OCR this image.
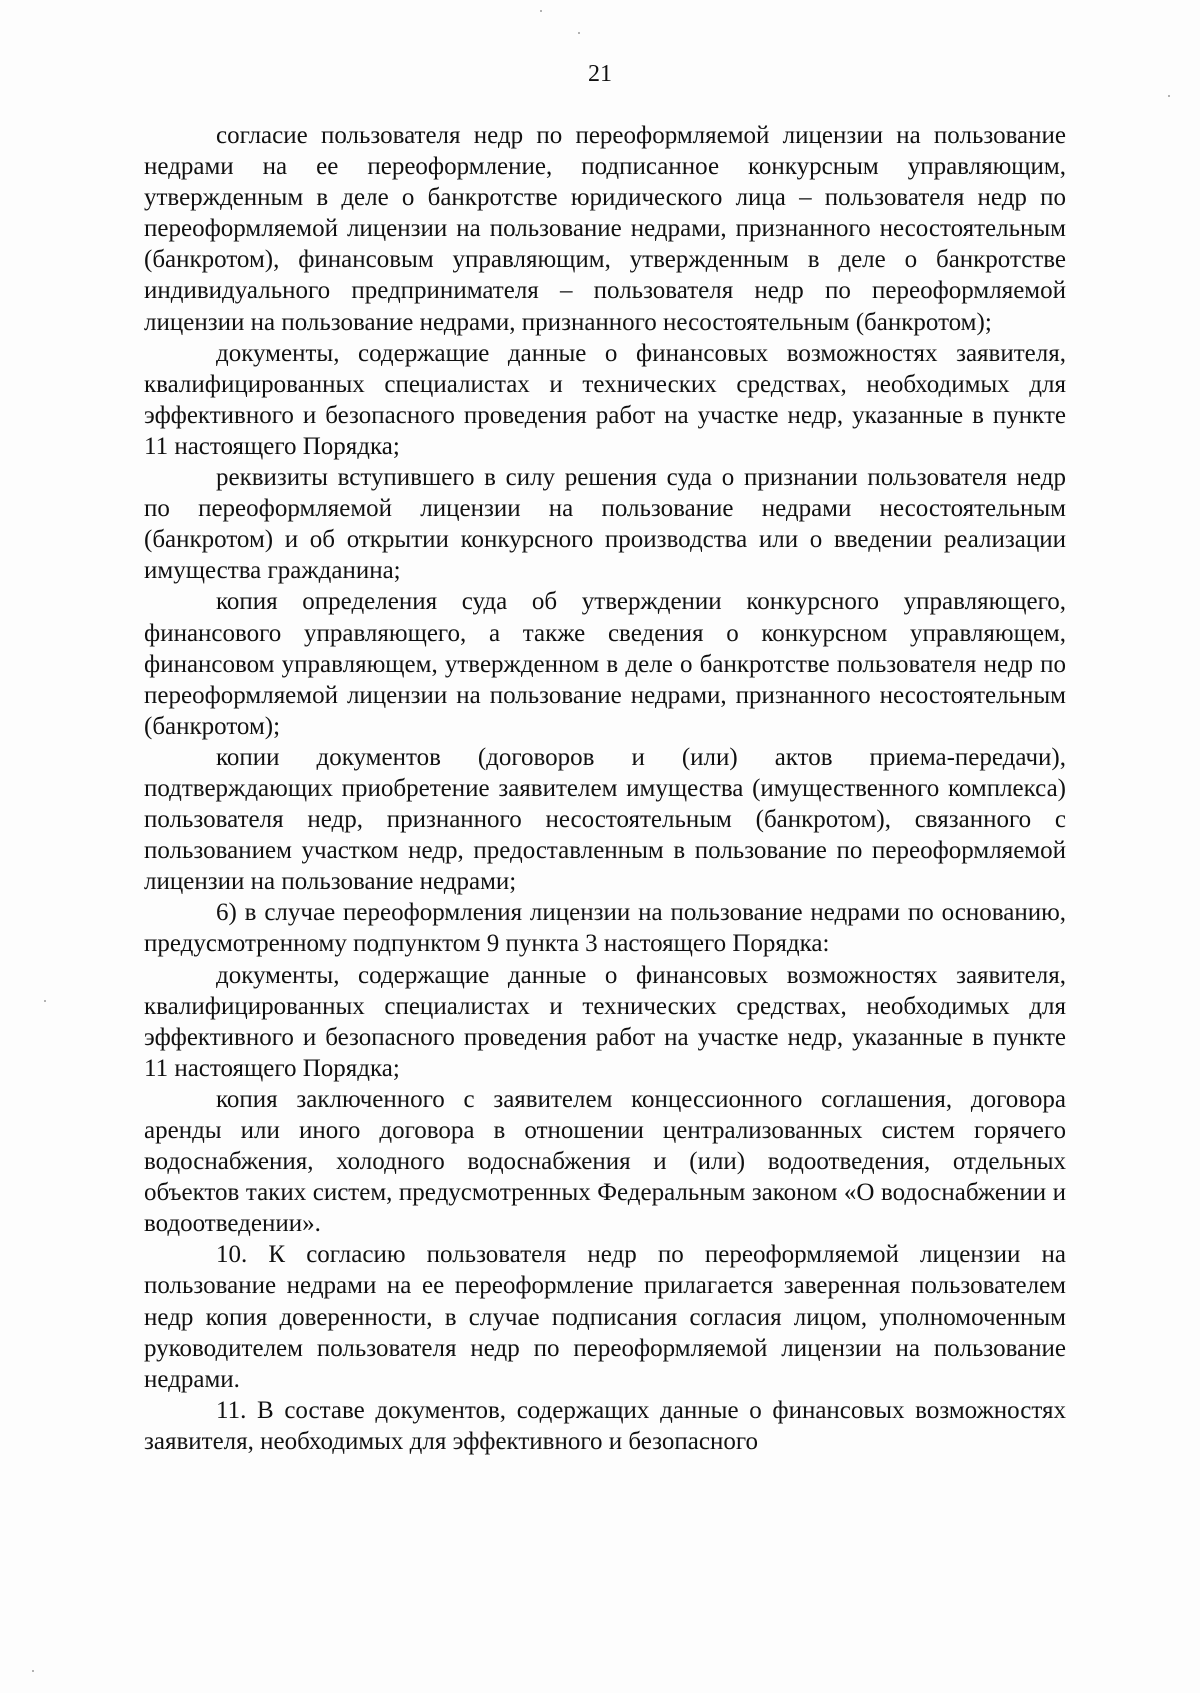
21

согласие пользователя недр по переоформляемой лицензии на пользование недрами на ее переоформление, подписанное конкурсным управляющим, утвержденным в деле о банкротстве юридического лица – пользователя недр по переоформляемой лицензии на пользование недрами, признанного несостоятельным (банкротом), финансовым управляющим, утвержденным в деле о банкротстве индивидуального предпринимателя – пользователя недр по переоформляемой лицензии на пользование недрами, признанного несостоятельным (банкротом);

документы, содержащие данные о финансовых возможностях заявителя, квалифицированных специалистах и технических средствах, необходимых для эффективного и безопасного проведения работ на участке недр, указанные в пункте 11 настоящего Порядка;

реквизиты вступившего в силу решения суда о признании пользователя недр по переоформляемой лицензии на пользование недрами несостоятельным (банкротом) и об открытии конкурсного производства или о введении реализации имущества гражданина;

копия определения суда об утверждении конкурсного управляющего, финансового управляющего, а также сведения о конкурсном управляющем, финансовом управляющем, утвержденном в деле о банкротстве пользователя недр по переоформляемой лицензии на пользование недрами, признанного несостоятельным (банкротом);

копии документов (договоров и (или) актов приема-передачи), подтверждающих приобретение заявителем имущества (имущественного комплекса) пользователя недр, признанного несостоятельным (банкротом), связанного с пользованием участком недр, предоставленным в пользование по переоформляемой лицензии на пользование недрами;

6) в случае переоформления лицензии на пользование недрами по основанию, предусмотренному подпунктом 9 пункта 3 настоящего Порядка:

документы, содержащие данные о финансовых возможностях заявителя, квалифицированных специалистах и технических средствах, необходимых для эффективного и безопасного проведения работ на участке недр, указанные в пункте 11 настоящего Порядка;

копия заключенного с заявителем концессионного соглашения, договора аренды или иного договора в отношении централизованных систем горячего водоснабжения, холодного водоснабжения и (или) водоотведения, отдельных объектов таких систем, предусмотренных Федеральным законом «О водоснабжении и водоотведении».

10. К согласию пользователя недр по переоформляемой лицензии на пользование недрами на ее переоформление прилагается заверенная пользователем недр копия доверенности, в случае подписания согласия лицом, уполномоченным руководителем пользователя недр по переоформляемой лицензии на пользование недрами.

11. В составе документов, содержащих данные о финансовых возможностях заявителя, необходимых для эффективного и безопасного
